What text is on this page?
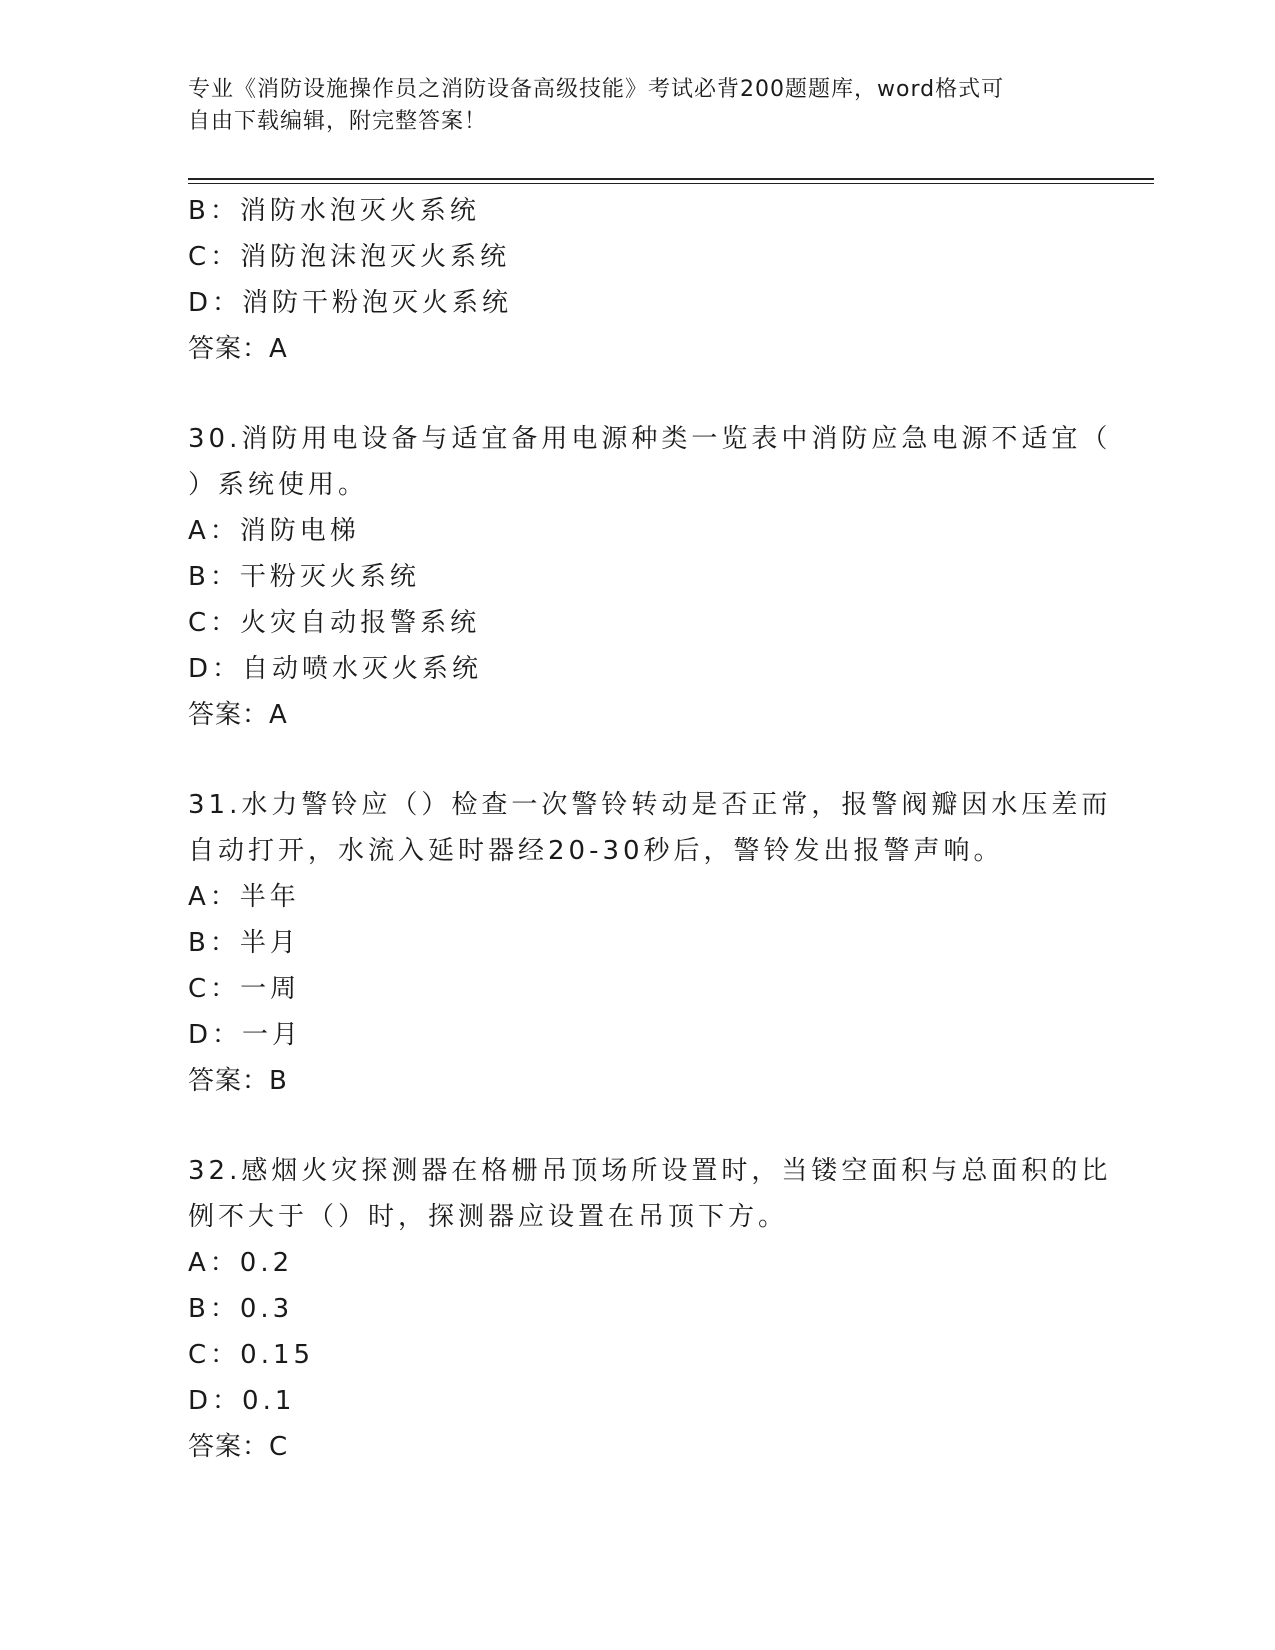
专业《消防设施操作员之消防设备高级技能》考试必背200题题库，word格式可
自由下载编辑，附完整答案！
B：消防水泡灭火系统
C：消防泡沫泡灭火系统
D：消防干粉泡灭火系统
答案：A
30.消防用电设备与适宜备用电源种类一览表中消防应急电源不适宜（
）系统使用。
A：消防电梯
B：干粉灭火系统
C：火灾自动报警系统
D：自动喷水灭火系统
答案：A
31.水力警铃应（）检查一次警铃转动是否正常，报警阀瓣因水压差而
自动打开，水流入延时器经20-30秒后，警铃发出报警声响。
A：半年
B：半月
C：一周
D：一月
答案：B
32.感烟火灾探测器在格栅吊顶场所设置时，当镂空面积与总面积的比
例不大于（）时，探测器应设置在吊顶下方。
A：0.2
B：0.3
C：0.15
D：0.1
答案：C
